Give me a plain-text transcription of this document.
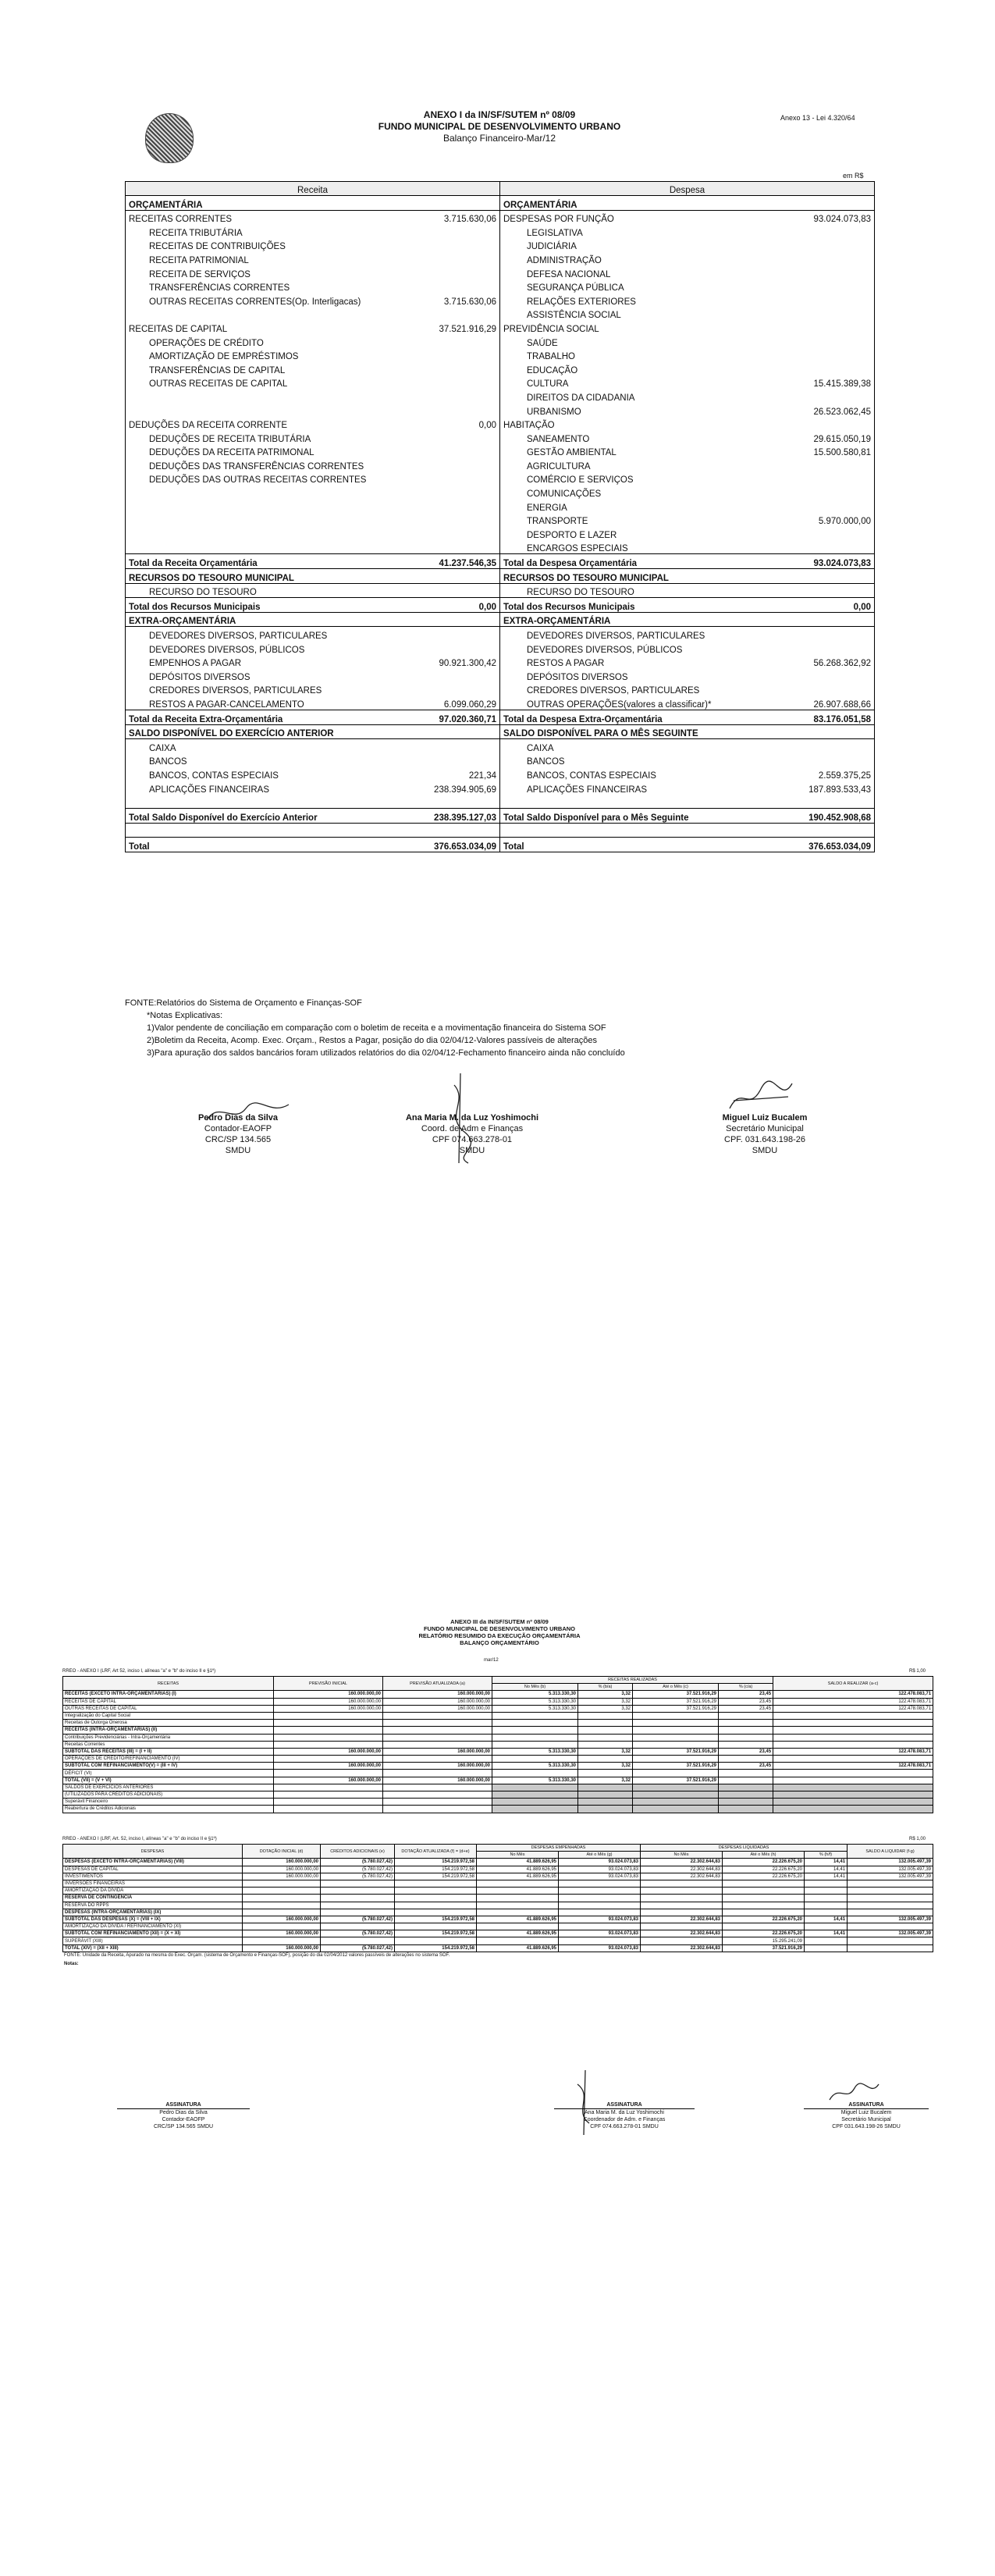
ANEXO I da IN/SF/SUTEM nº 08/09
FUNDO MUNICIPAL DE DESENVOLVIMENTO URBANO
Balanço Financeiro-Mar/12
Anexo 13 - Lei 4.320/64
em R$
Receita		Despesa	
ORÇAMENTÁRIA		ORÇAMENTÁRIA	
RECEITAS CORRENTES	3.715.630,06	DESPESAS POR FUNÇÃO	93.024.073,83
RECEITA TRIBUTÁRIA		LEGISLATIVA	
RECEITAS DE CONTRIBUIÇÕES		JUDICIÁRIA	
RECEITA PATRIMONIAL		ADMINISTRAÇÃO	
RECEITA DE SERVIÇOS		DEFESA NACIONAL	
TRANSFERÊNCIAS CORRENTES		SEGURANÇA PÚBLICA	
OUTRAS RECEITAS CORRENTES(Op. Interligacas)	3.715.630,06	RELAÇÕES EXTERIORES	
		ASSISTÊNCIA SOCIAL	
RECEITAS DE CAPITAL	37.521.916,29	PREVIDÊNCIA SOCIAL	
OPERAÇÕES DE CRÉDITO		SAÚDE	
AMORTIZAÇÃO DE EMPRÉSTIMOS		TRABALHO	
TRANSFERÊNCIAS DE CAPITAL		EDUCAÇÃO	
OUTRAS RECEITAS DE CAPITAL		CULTURA	15.415.389,38
		DIREITOS DA CIDADANIA	
		URBANISMO	26.523.062,45
DEDUÇÕES DA RECEITA CORRENTE	0,00	HABITAÇÃO	
DEDUÇÕES DE RECEITA TRIBUTÁRIA		SANEAMENTO	29.615.050,19
DEDUÇÕES DA RECEITA PATRIMONAL		GESTÃO AMBIENTAL	15.500.580,81
DEDUÇÕES DAS TRANSFERÊNCIAS CORRENTES		AGRICULTURA	
DEDUÇÕES DAS OUTRAS RECEITAS CORRENTES		COMÉRCIO E SERVIÇOS	
		COMUNICAÇÕES	
		ENERGIA	
		TRANSPORTE	5.970.000,00
		DESPORTO E LAZER	
		ENCARGOS ESPECIAIS	
Total da Receita Orçamentária	41.237.546,35	Total da Despesa Orçamentária	93.024.073,83
RECURSOS DO TESOURO MUNICIPAL		RECURSOS DO TESOURO MUNICIPAL	
RECURSO DO TESOURO		RECURSO DO TESOURO	
Total dos Recursos Municipais	0,00	Total dos Recursos Municipais	0,00
EXTRA-ORÇAMENTÁRIA		EXTRA-ORÇAMENTÁRIA	
DEVEDORES DIVERSOS, PARTICULARES		DEVEDORES DIVERSOS, PARTICULARES	
DEVEDORES DIVERSOS, PÚBLICOS		DEVEDORES DIVERSOS, PÚBLICOS	
EMPENHOS A PAGAR	90.921.300,42	RESTOS A PAGAR	56.268.362,92
DEPÓSITOS DIVERSOS		DEPÓSITOS DIVERSOS	
CREDORES DIVERSOS, PARTICULARES		CREDORES DIVERSOS, PARTICULARES	
RESTOS A PAGAR-CANCELAMENTO	6.099.060,29	OUTRAS OPERAÇÕES(valores a classificar)*	26.907.688,66
Total da Receita Extra-Orçamentária	97.020.360,71	Total da Despesa Extra-Orçamentária	83.176.051,58
SALDO DISPONÍVEL DO EXERCÍCIO ANTERIOR		SALDO DISPONÍVEL PARA O MÊS SEGUINTE	
CAIXA		CAIXA	
BANCOS		BANCOS	
BANCOS, CONTAS ESPECIAIS	221,34	BANCOS, CONTAS ESPECIAIS	2.559.375,25
APLICAÇÕES FINANCEIRAS	238.394.905,69	APLICAÇÕES FINANCEIRAS	187.893.533,43

Total Saldo Disponível do Exercício Anterior	238.395.127,03	Total Saldo Disponível para o Mês Seguinte	190.452.908,68

Total	376.653.034,09	Total	376.653.034,09
FONTE:Relatórios do Sistema de Orçamento e Finanças-SOF
*Notas Explicativas:
1)Valor pendente de conciliação em comparação com o boletim de receita e a movimentação financeira do Sistema SOF
2)Boletim da Receita, Acomp. Exec. Orçam., Restos a Pagar, posição do dia 02/04/12-Valores passíveis de alterações
3)Para apuração dos saldos bancários foram utilizados relatórios do dia 02/04/12-Fechamento financeiro ainda não concluído
Pedro Dias da Silva
Contador-EAOFP
CRC/SP 134.565
SMDU
Ana Maria M. da Luz Yoshimochi
Coord. de Adm e Finanças
CPF 074.663.278-01
SMDU
Miguel Luiz Bucalem
Secretário Municipal
CPF. 031.643.198-26
SMDU
ANEXO III da IN/SF/SUTEM nº 08/09
FUNDO MUNICIPAL DE DESENVOLVIMENTO URBANO
RELATÓRIO RESUMIDO DA EXECUÇÃO ORÇAMENTÁRIA
BALANÇO ORÇAMENTÁRIO
mar/12
RREO - ANEXO I (LRF, Art 52, inciso I, alíneas "a" e "b" do inciso II e §1º)	R$ 1,00
RECEITAS	PREVISÃO INICIAL	PREVISÃO ATUALIZADA (a)	RECEITAS REALIZADAS				SALDO A REALIZAR (a-c)
			No Mês (b)	% (b/a)	Até o Mês (c)	% (c/a)	
RECEITAS (EXCETO INTRA-ORÇAMENTÁRIAS) (I)	160.000.000,00	160.000.000,00	5.313.330,30	3,32	37.521.916,29	23,45	122.478.083,71
RECEITAS DE CAPITAL	160.000.000,00	160.000.000,00	5.313.330,30	3,32	37.521.916,29	23,45	122.478.083,71
OUTRAS RECEITAS DE CAPITAL	160.000.000,00	160.000.000,00	5.313.330,30	3,32	37.521.916,29	23,45	122.478.083,71
Integralização do Capital Social							
Receitas de Outorga Onerosa							
RECEITAS (INTRA-ORÇAMENTÁRIAS) (II)							
Contribuições Previdenciárias - Intra-Orçamentária							
Receitas Correntes							
SUBTOTAL DAS RECEITAS (III) = (I + II)	160.000.000,00	160.000.000,00	5.313.330,30	3,32	37.521.916,29	23,45	122.478.083,71
OPERAÇÕES DE CRÉDITO/REFINANCIAMENTO (IV)							
SUBTOTAL COM REFINANCIAMENTO(V) = (III + IV)	160.000.000,00	160.000.000,00	5.313.330,30	3,32	37.521.916,29	23,45	122.478.083,71
DÉFICIT (VI)							
TOTAL (VII) = (V + VI)	160.000.000,00	160.000.000,00	5.313.330,30	3,32	37.521.916,29		
SALDOS DE EXERCÍCIOS ANTERIORES							
(UTILIZADOS PARA CRÉDITOS ADICIONAIS)							
Superávit Financeiro							
Reabertura de Créditos Adicionais							
RREO - ANEXO I (LRF, Art. 52, inciso I, alíneas "a" e "b" do inciso II e §1º)	R$ 1,00
DESPESAS	DOTAÇÃO INICIAL (d)	CRÉDITOS ADICIONAIS (e)	DOTAÇÃO ATUALIZADA (f) = (d+e)	DESPESAS EMPENHADAS		DESPESAS LIQUIDADAS			SALDO A LIQUIDAR (f-g)
				No Mês	Até o Mês (g)	No Mês	Até o Mês (h)	% (h/f)	
DESPESAS (EXCETO INTRA-ORÇAMENTÁRIAS) (VIII)	160.000.000,00	(5.780.027,42)	154.219.972,58	41.889.626,95	93.024.073,83	22.302.644,83	22.226.675,20	14,41	132.005.497,39
DESPESAS DE CAPITAL	160.000.000,00	(5.780.027,42)	154.219.972,58	41.889.626,95	93.024.073,83	22.302.644,83	22.226.675,20	14,41	132.005.497,39
INVESTIMENTOS	160.000.000,00	(5.780.027,42)	154.219.972,58	41.889.626,95	93.024.073,83	22.302.644,83	22.226.675,20	14,41	132.005.497,39
INVERSÕES FINANCEIRAS									
AMORTIZAÇÃO DA DÍVIDA									
RESERVA DE CONTINGÊNCIA									
RESERVA DO RPPS									
DESPESAS (INTRA-ORÇAMENTÁRIAS) (IX)									
SUBTOTAL DAS DESPESAS (X) = (VIII + IX)	160.000.000,00	(5.780.027,42)	154.219.972,58	41.889.626,95	93.024.073,83	22.302.644,83	22.226.675,20	14,41	132.005.497,39
AMORTIZAÇÃO DA DÍVIDA / REFINANCIAMENTO (XI)									
SUBTOTAL COM REFINANCIAMENTO (XII) = (X + XI)	160.000.000,00	(5.780.027,42)	154.219.972,58	41.889.626,95	93.024.073,83	22.302.644,83	22.226.675,20	14,41	132.005.497,39
SUPERÁVIT (XIII)							15.295.241,09		
TOTAL (XIV) = (XII + XIII)	160.000.000,00	(5.780.027,42)	154.219.972,58	41.889.626,95	93.024.073,83	22.302.644,83	37.521.916,29		
FONTE: Unidade da Receita, Apurado na mesma do Exec. Orçam. (sistema de Orçamento e Finanças-SOF), posição do dia 02/04/2012 valores passíveis de alterações no sistema SOF.
Notas:
ASSINATURA
Pedro Dias da Silva
Contador-EAOFP
CRC/SP 134.565 SMDU
ASSINATURA
Ana Maria M. da Luz Yoshimochi
Coordenador de Adm. e Finanças
CPF 074.663.278-01 SMDU
ASSINATURA
Miguel Luiz Bucalem
Secretário Municipal
CPF 031.643.198-26 SMDU
